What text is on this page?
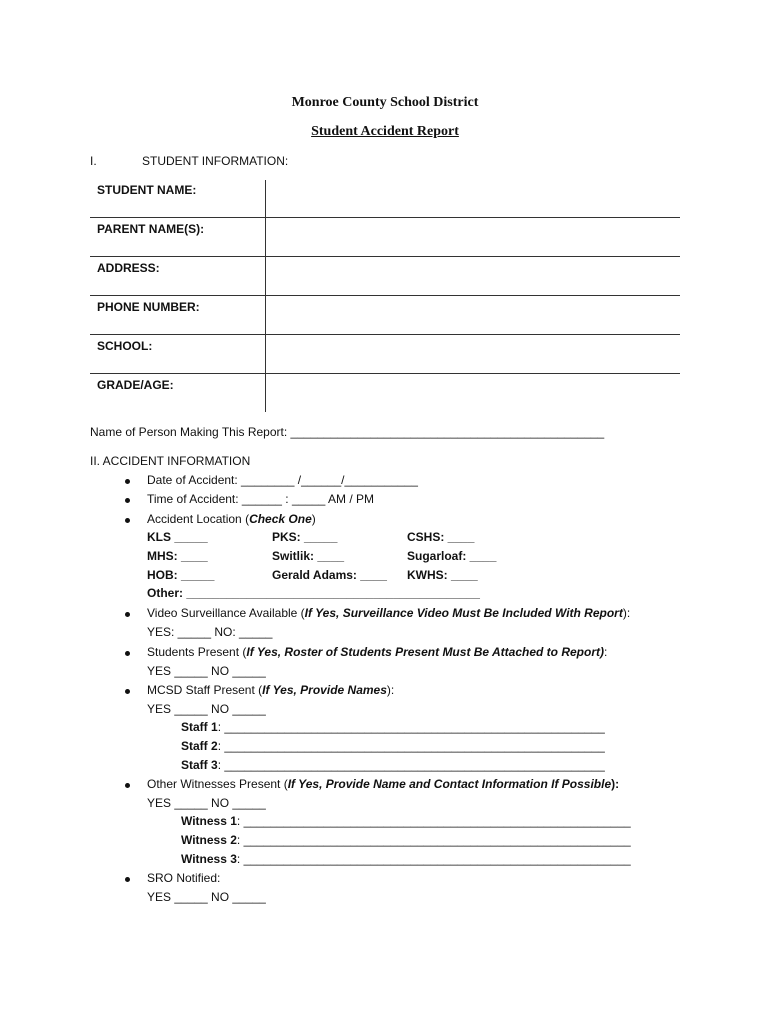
Monroe County School District
Student Accident Report
I.	STUDENT INFORMATION:
STUDENT NAME:	
PARENT NAME(S):	
ADDRESS:	
PHONE NUMBER:	
SCHOOL:	
GRADE/AGE:	
Name of Person Making This Report: _______________________________________________
II. ACCIDENT INFORMATION
Date of Accident: ________ /______/___________
Time of Accident: ______ : _____ AM / PM
Accident Location (Check One)
KLS _____	PKS: _____	CSHS: ____
MHS: ____	Switlik: ____	Sugarloaf: ____
HOB: _____	Gerald Adams: ____ KWHS: ____
Other: ____________________________________________
Video Surveillance Available (If Yes, Surveillance Video Must Be Included With Report):
YES: _____ NO: _____
Students Present (If Yes, Roster of Students Present Must Be Attached to Report):
YES _____ NO _____
MCSD Staff Present (If Yes, Provide Names):
YES _____ NO _____
Staff 1: _________________________________________________________
Staff 2: _________________________________________________________
Staff 3: _________________________________________________________
Other Witnesses Present (If Yes, Provide Name and Contact Information If Possible):
YES _____ NO _____
Witness 1: __________________________________________________________
Witness 2: __________________________________________________________
Witness 3: __________________________________________________________
SRO Notified:
YES _____ NO _____
